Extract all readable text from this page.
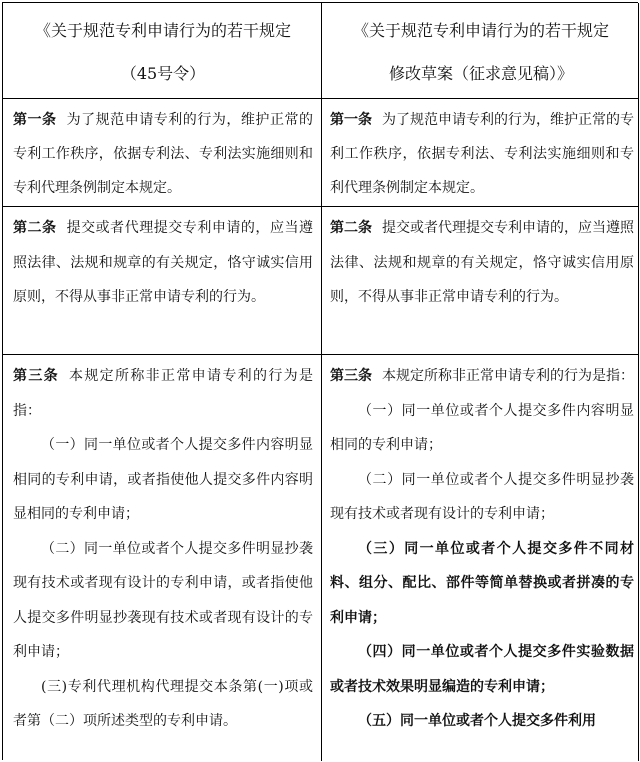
《关于规范专利申请行为的若干规定
（45号令）
《关于规范专利申请行为的若干规定
修改草案（征求意见稿）》
第一条 为了规范申请专利的行为，维护正常的专利工作秩序，依据专利法、专利法实施细则和专利代理条例制定本规定。
第一条 为了规范申请专利的行为，维护正常的专利工作秩序，依据专利法、专利法实施细则和专利代理条例制定本规定。
第二条 提交或者代理提交专利申请的，应当遵照法律、法规和规章的有关规定，恪守诚实信用原则，不得从事非正常申请专利的行为。
第二条 提交或者代理提交专利申请的，应当遵照法律、法规和规章的有关规定，恪守诚实信用原则，不得从事非正常申请专利的行为。
第三条 本规定所称非正常申请专利的行为是指：
（一）同一单位或者个人提交多件内容明显相同的专利申请，或者指使他人提交多件内容明显相同的专利申请；
（二）同一单位或者个人提交多件明显抄袭现有技术或者现有设计的专利申请，或者指使他人提交多件明显抄袭现有技术或者现有设计的专利申请；
(三)专利代理机构代理提交本条第(一)项或者第（二）项所述类型的专利申请。
第三条 本规定所称非正常申请专利的行为是指：
（一）同一单位或者个人提交多件内容明显相同的专利申请；
（二）同一单位或者个人提交多件明显抄袭现有技术或者现有设计的专利申请；
（三）同一单位或者个人提交多件不同材料、组分、配比、部件等简单替换或者拼凑的专利申请；
（四）同一单位或者个人提交多件实验数据或者技术效果明显编造的专利申请；
（五）同一单位或者个人提交多件利用
